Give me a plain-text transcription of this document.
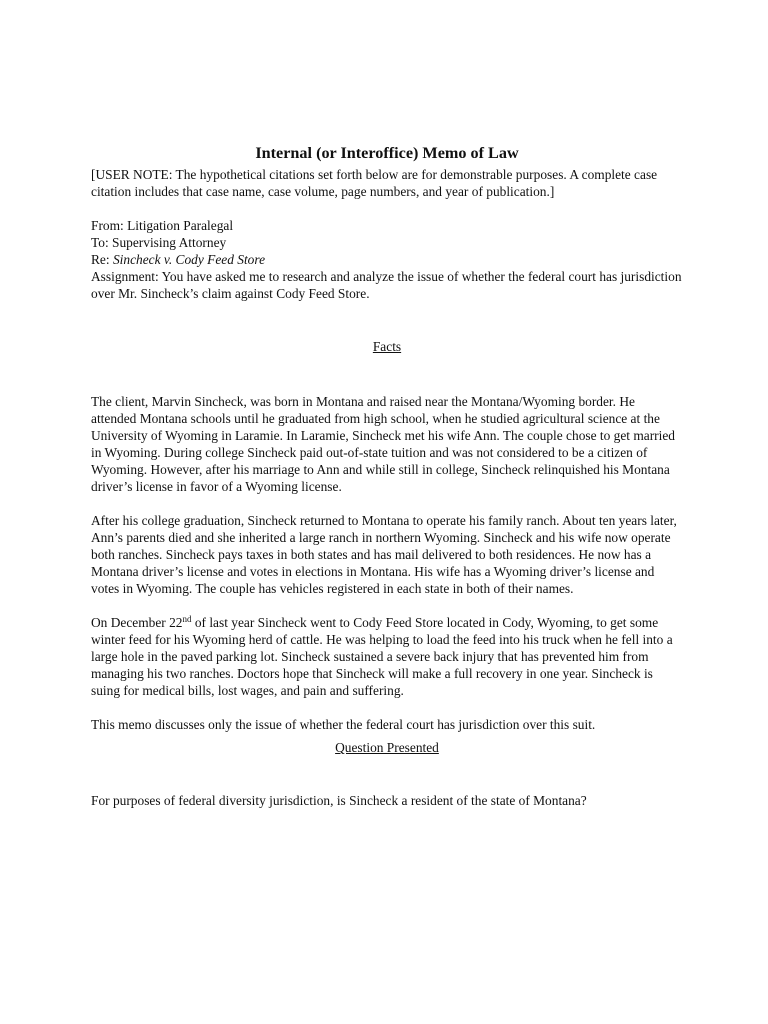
Internal (or Interoffice) Memo of Law

[USER NOTE: The hypothetical citations set forth below are for demonstrable purposes. A complete case citation includes that case name, case volume, page numbers, and year of publication.]

From: Litigation Paralegal

To: Supervising Attorney

Re: Sincheck v. Cody Feed Store

Assignment: You have asked me to research and analyze the issue of whether the federal court has jurisdiction over Mr. Sincheck’s claim against Cody Feed Store.

Facts

The client, Marvin Sincheck, was born in Montana and raised near the Montana/Wyoming border. He attended Montana schools until he graduated from high school, when he studied agricultural science at the University of Wyoming in Laramie. In Laramie, Sincheck met his wife Ann. The couple chose to get married in Wyoming. During college Sincheck paid out-of-state tuition and was not considered to be a citizen of Wyoming. However, after his marriage to Ann and while still in college, Sincheck relinquished his Montana driver’s license in favor of a Wyoming license.

After his college graduation, Sincheck returned to Montana to operate his family ranch. About ten years later, Ann’s parents died and she inherited a large ranch in northern Wyoming. Sincheck and his wife now operate both ranches. Sincheck pays taxes in both states and has mail delivered to both residences. He now has a Montana driver’s license and votes in elections in Montana. His wife has a Wyoming driver’s license and votes in Wyoming. The couple has vehicles registered in each state in both of their names.

On December 22nd of last year Sincheck went to Cody Feed Store located in Cody, Wyoming, to get some winter feed for his Wyoming herd of cattle. He was helping to load the feed into his truck when he fell into a large hole in the paved parking lot. Sincheck sustained a severe back injury that has prevented him from managing his two ranches. Doctors hope that Sincheck will make a full recovery in one year. Sincheck is suing for medical bills, lost wages, and pain and suffering.

This memo discusses only the issue of whether the federal court has jurisdiction over this suit.

Question Presented

For purposes of federal diversity jurisdiction, is Sincheck a resident of the state of Montana?
